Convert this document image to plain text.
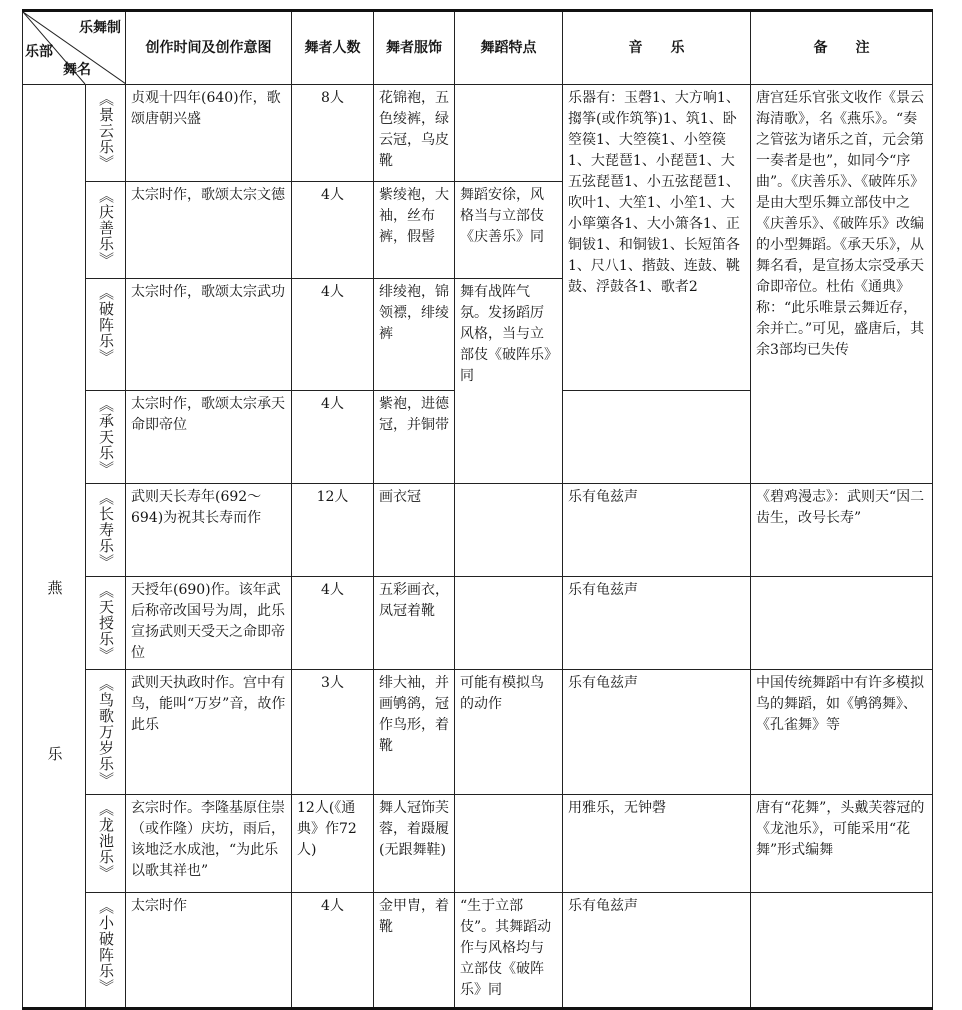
乐舞制
乐部
舞名		创作时间及创作意图	舞者人数	舞者服饰	舞蹈特点	音　　乐	备　　注

燕
乐	《景云乐》	贞观十四年(640)作，歌颂唐朝兴盛	8人	花锦袍，五色绫裤，绿云冠，乌皮靴		乐器有：玉磬1、大方响1、搊筝(或作筑筝)1、筑1、卧箜篌1、大箜篌1、小箜篌1、大琵琶1、小琵琶1、大五弦琵琶1、小五弦琵琶1、吹叶1、大笙1、小笙1、大小筚篥各1、大小箫各1、正铜钹1、和铜钹1、长短笛各1、尺八1、揩鼓、连鼓、鞉鼓、浮鼓各1、歌者2	唐宫廷乐官张文收作《景云海清歌》，名《燕乐》。“奏之管弦为诸乐之首，元会第一奏者是也”，如同今“序曲”。《庆善乐》、《破阵乐》是由大型乐舞立部伎中之《庆善乐》、《破阵乐》改编的小型舞蹈。《承天乐》，从舞名看，是宣扬太宗受承天命即帝位。杜佑《通典》称：“此乐唯景云舞近存，余并亡。”可见，盛唐后，其余3部均已失传

	《庆善乐》	太宗时作，歌颂太宗文德	4人	紫绫袍，大袖，丝布裤，假髻	舞蹈安徐，风格当与立部伎《庆善乐》同		

	《破阵乐》	太宗时作，歌颂太宗武功	4人	绯绫袍，锦领褾，绯绫裤	舞有战阵气氛。发扬蹈厉风格，当与立部伎《破阵乐》同		

	《承天乐》	太宗时作，歌颂太宗承天命即帝位	4人	紫袍，进德冠，并铜带			

	《长寿乐》	武则天长寿年(692～694)为祝其长寿而作	12人	画衣冠		乐有龟兹声	《碧鸡漫志》：武则天“因二齿生，改号长寿”

	《天授乐》	天授年(690)作。该年武后称帝改国号为周，此乐宣扬武则天受天之命即帝位	4人	五彩画衣，凤冠着靴		乐有龟兹声	

	《鸟歌万岁乐》	武则天执政时作。宫中有鸟，能叫“万岁”音，故作此乐	3人	绯大袖，并画鸲鹆，冠作鸟形，着靴	可能有模拟鸟的动作	乐有龟兹声	中国传统舞蹈中有许多模拟鸟的舞蹈，如《鸲鹆舞》、《孔雀舞》等

	《龙池乐》	玄宗时作。李隆基原住崇（或作隆）庆坊，雨后，该地泛水成池，“为此乐以歌其祥也”	12人(《通典》作72人)	舞人冠饰芙蓉，着蹑履(无跟舞鞋)		用雅乐，无钟磬	唐有“花舞”，头戴芙蓉冠的《龙池乐》，可能采用“花舞”形式编舞

	《小破阵乐》	太宗时作	4人	金甲胄，着靴	“生于立部伎”。其舞蹈动作与风格均与立部伎《破阵乐》同	乐有龟兹声	
